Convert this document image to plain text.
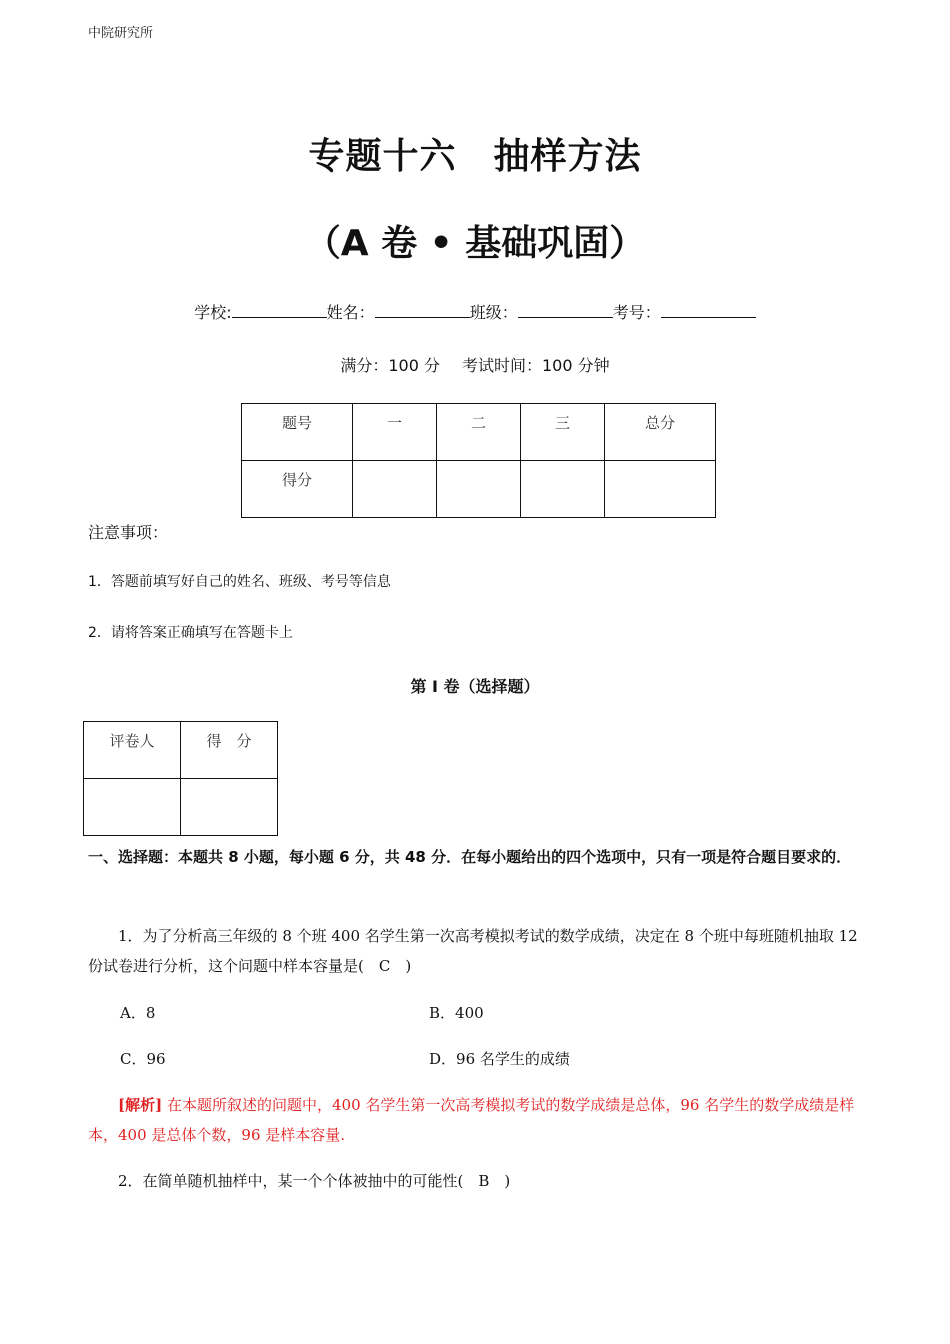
中院研究所
专题十六　抽样方法
（A 卷 • 基础巩固）
学校:	姓名：	班级：	考号：
满分：100 分 考试时间：100 分钟
题号	一	二	三	总分
得分				
注意事项：
1．答题前填写好自己的姓名、班级、考号等信息
2．请将答案正确填写在答题卡上
第 I 卷（选择题）
评卷人	得　分

一、选择题：本题共 8 小题，每小题 6 分，共 48 分．在每小题给出的四个选项中，只有一项是符合题目要求的．
1．为了分析高三年级的 8 个班 400 名学生第一次高考模拟考试的数学成绩，决定在 8 个班中每班随机抽取 12 份试卷进行分析，这个问题中样本容量是(　C　)
A．8	B．400
C．96	D．96 名学生的成绩
[解析] 在本题所叙述的问题中，400 名学生第一次高考模拟考试的数学成绩是总体，96 名学生的数学成绩是样本，400 是总体个数，96 是样本容量.
2．在简单随机抽样中，某一个个体被抽中的可能性(　B　)
